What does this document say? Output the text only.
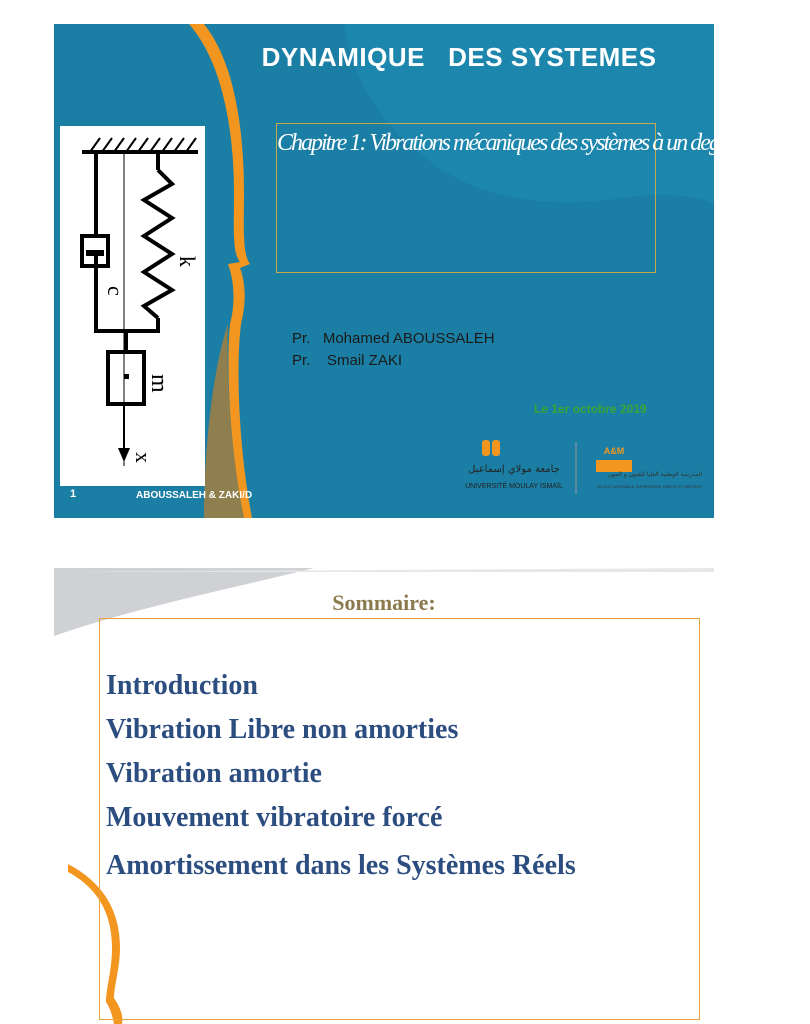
DYNAMIQUE   DES SYSTEMES
k
c
m
x
Chapitre 1: Vibrations mécaniques des systèmes à un degré de liberté
Pr.   Mohamed ABOUSSALEH
Pr.    Smail ZAKI
Le 1er octobre 2019
جامعة مولاي إسماعيل
UNIVERSITÉ MOULAY ISMAÏL
A&M
المدرسة الوطنية العليا للفنون و المهن
ÉCOLE NATIONALE SUPÉRIEURE D'ARTS ET MÉTIERS
1	ABOUSSALEH & ZAKI/D
Sommaire:
Introduction
Vibration Libre non amorties
Vibration amortie
Mouvement vibratoire forcé
Amortissement dans les Systèmes Réels
